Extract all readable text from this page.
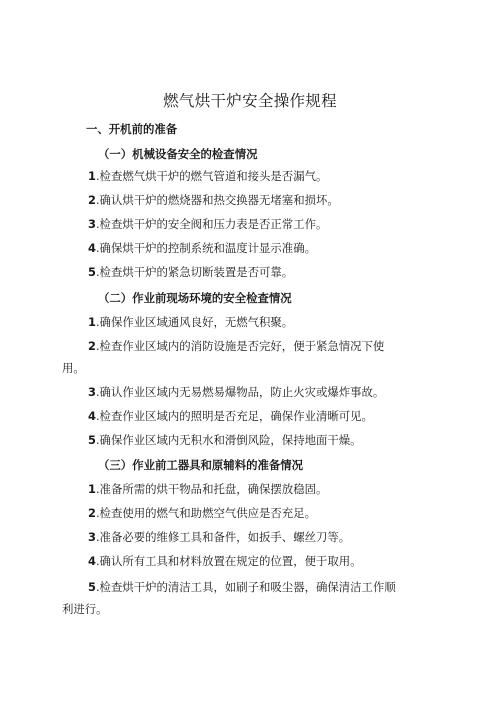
燃气烘干炉安全操作规程
一、开机前的准备
（一）机械设备安全的检查情况
1.检查燃气烘干炉的燃气管道和接头是否漏气。
2.确认烘干炉的燃烧器和热交换器无堵塞和损坏。
3.检查烘干炉的安全阀和压力表是否正常工作。
4.确保烘干炉的控制系统和温度计显示准确。
5.检查烘干炉的紧急切断装置是否可靠。
（二）作业前现场环境的安全检查情况
1.确保作业区域通风良好，无燃气积聚。
2.检查作业区域内的消防设施是否完好，便于紧急情况下使
用。
3.确认作业区域内无易燃易爆物品，防止火灾或爆炸事故。
4.检查作业区域内的照明是否充足，确保作业清晰可见。
5.确保作业区域内无积水和滑倒风险，保持地面干燥。
（三）作业前工器具和原辅料的准备情况
1.准备所需的烘干物品和托盘，确保摆放稳固。
2.检查使用的燃气和助燃空气供应是否充足。
3.准备必要的维修工具和备件，如扳手、螺丝刀等。
4.确认所有工具和材料放置在规定的位置，便于取用。
5.检查烘干炉的清洁工具，如刷子和吸尘器，确保清洁工作顺
利进行。
